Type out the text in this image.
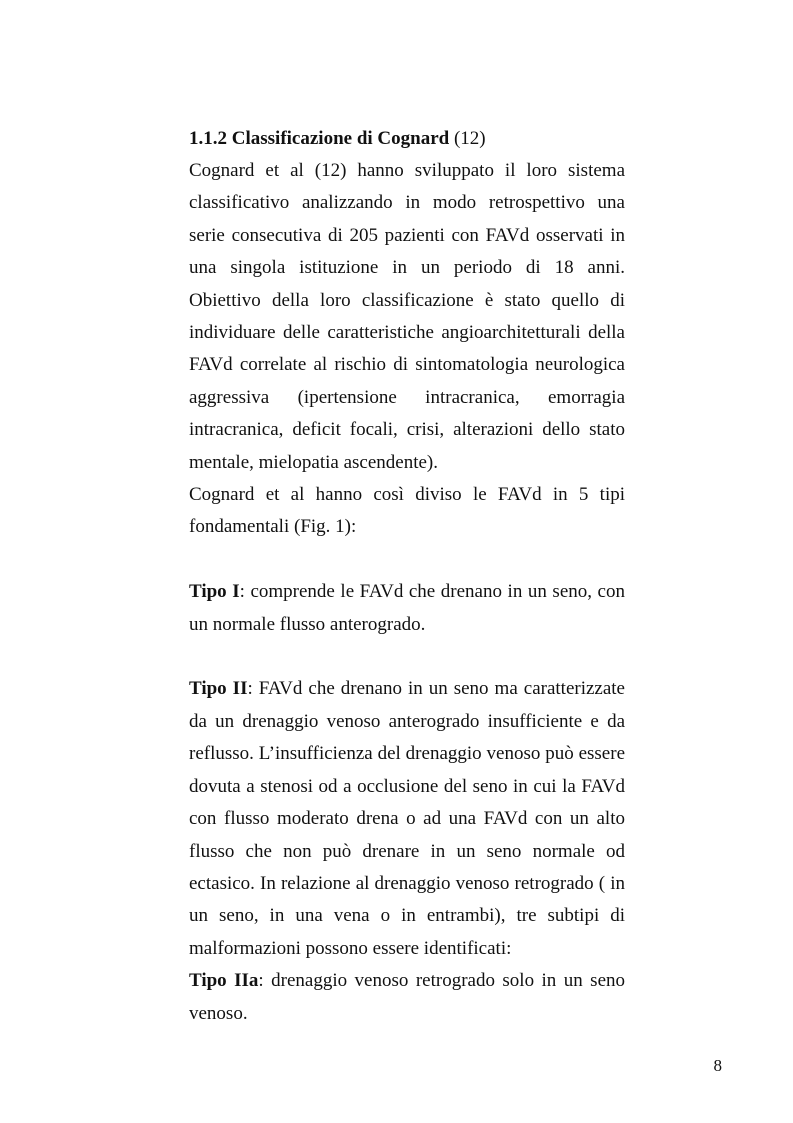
1.1.2 Classificazione di Cognard (12)

Cognard et al (12) hanno sviluppato il loro sistema classificativo analizzando in modo retrospettivo una serie consecutiva di 205 pazienti con FAVd osservati in una singola istituzione in un periodo di 18 anni. Obiettivo della loro classificazione è stato quello di individuare delle caratteristiche angioarchitetturali della FAVd correlate al rischio di sintomatologia neurologica aggressiva (ipertensione intracranica, emorragia intracranica, deficit focali, crisi, alterazioni dello stato mentale, mielopatia ascendente).

Cognard et al hanno così diviso le FAVd in 5 tipi fondamentali (Fig. 1):

Tipo I: comprende le FAVd che drenano in un seno, con un normale flusso anterogrado.

Tipo II: FAVd che drenano in un seno ma caratterizzate da un drenaggio venoso anterogrado insufficiente e da reflusso. L’insufficienza del drenaggio venoso può essere dovuta a stenosi od a occlusione del seno in cui la FAVd con flusso moderato drena o ad una FAVd con un alto flusso che non può drenare in un seno normale od ectasico. In relazione al drenaggio venoso retrogrado ( in un seno, in una vena o in entrambi), tre subtipi di malformazioni possono essere identificati:

Tipo IIa: drenaggio venoso retrogrado solo in un seno venoso.

8
